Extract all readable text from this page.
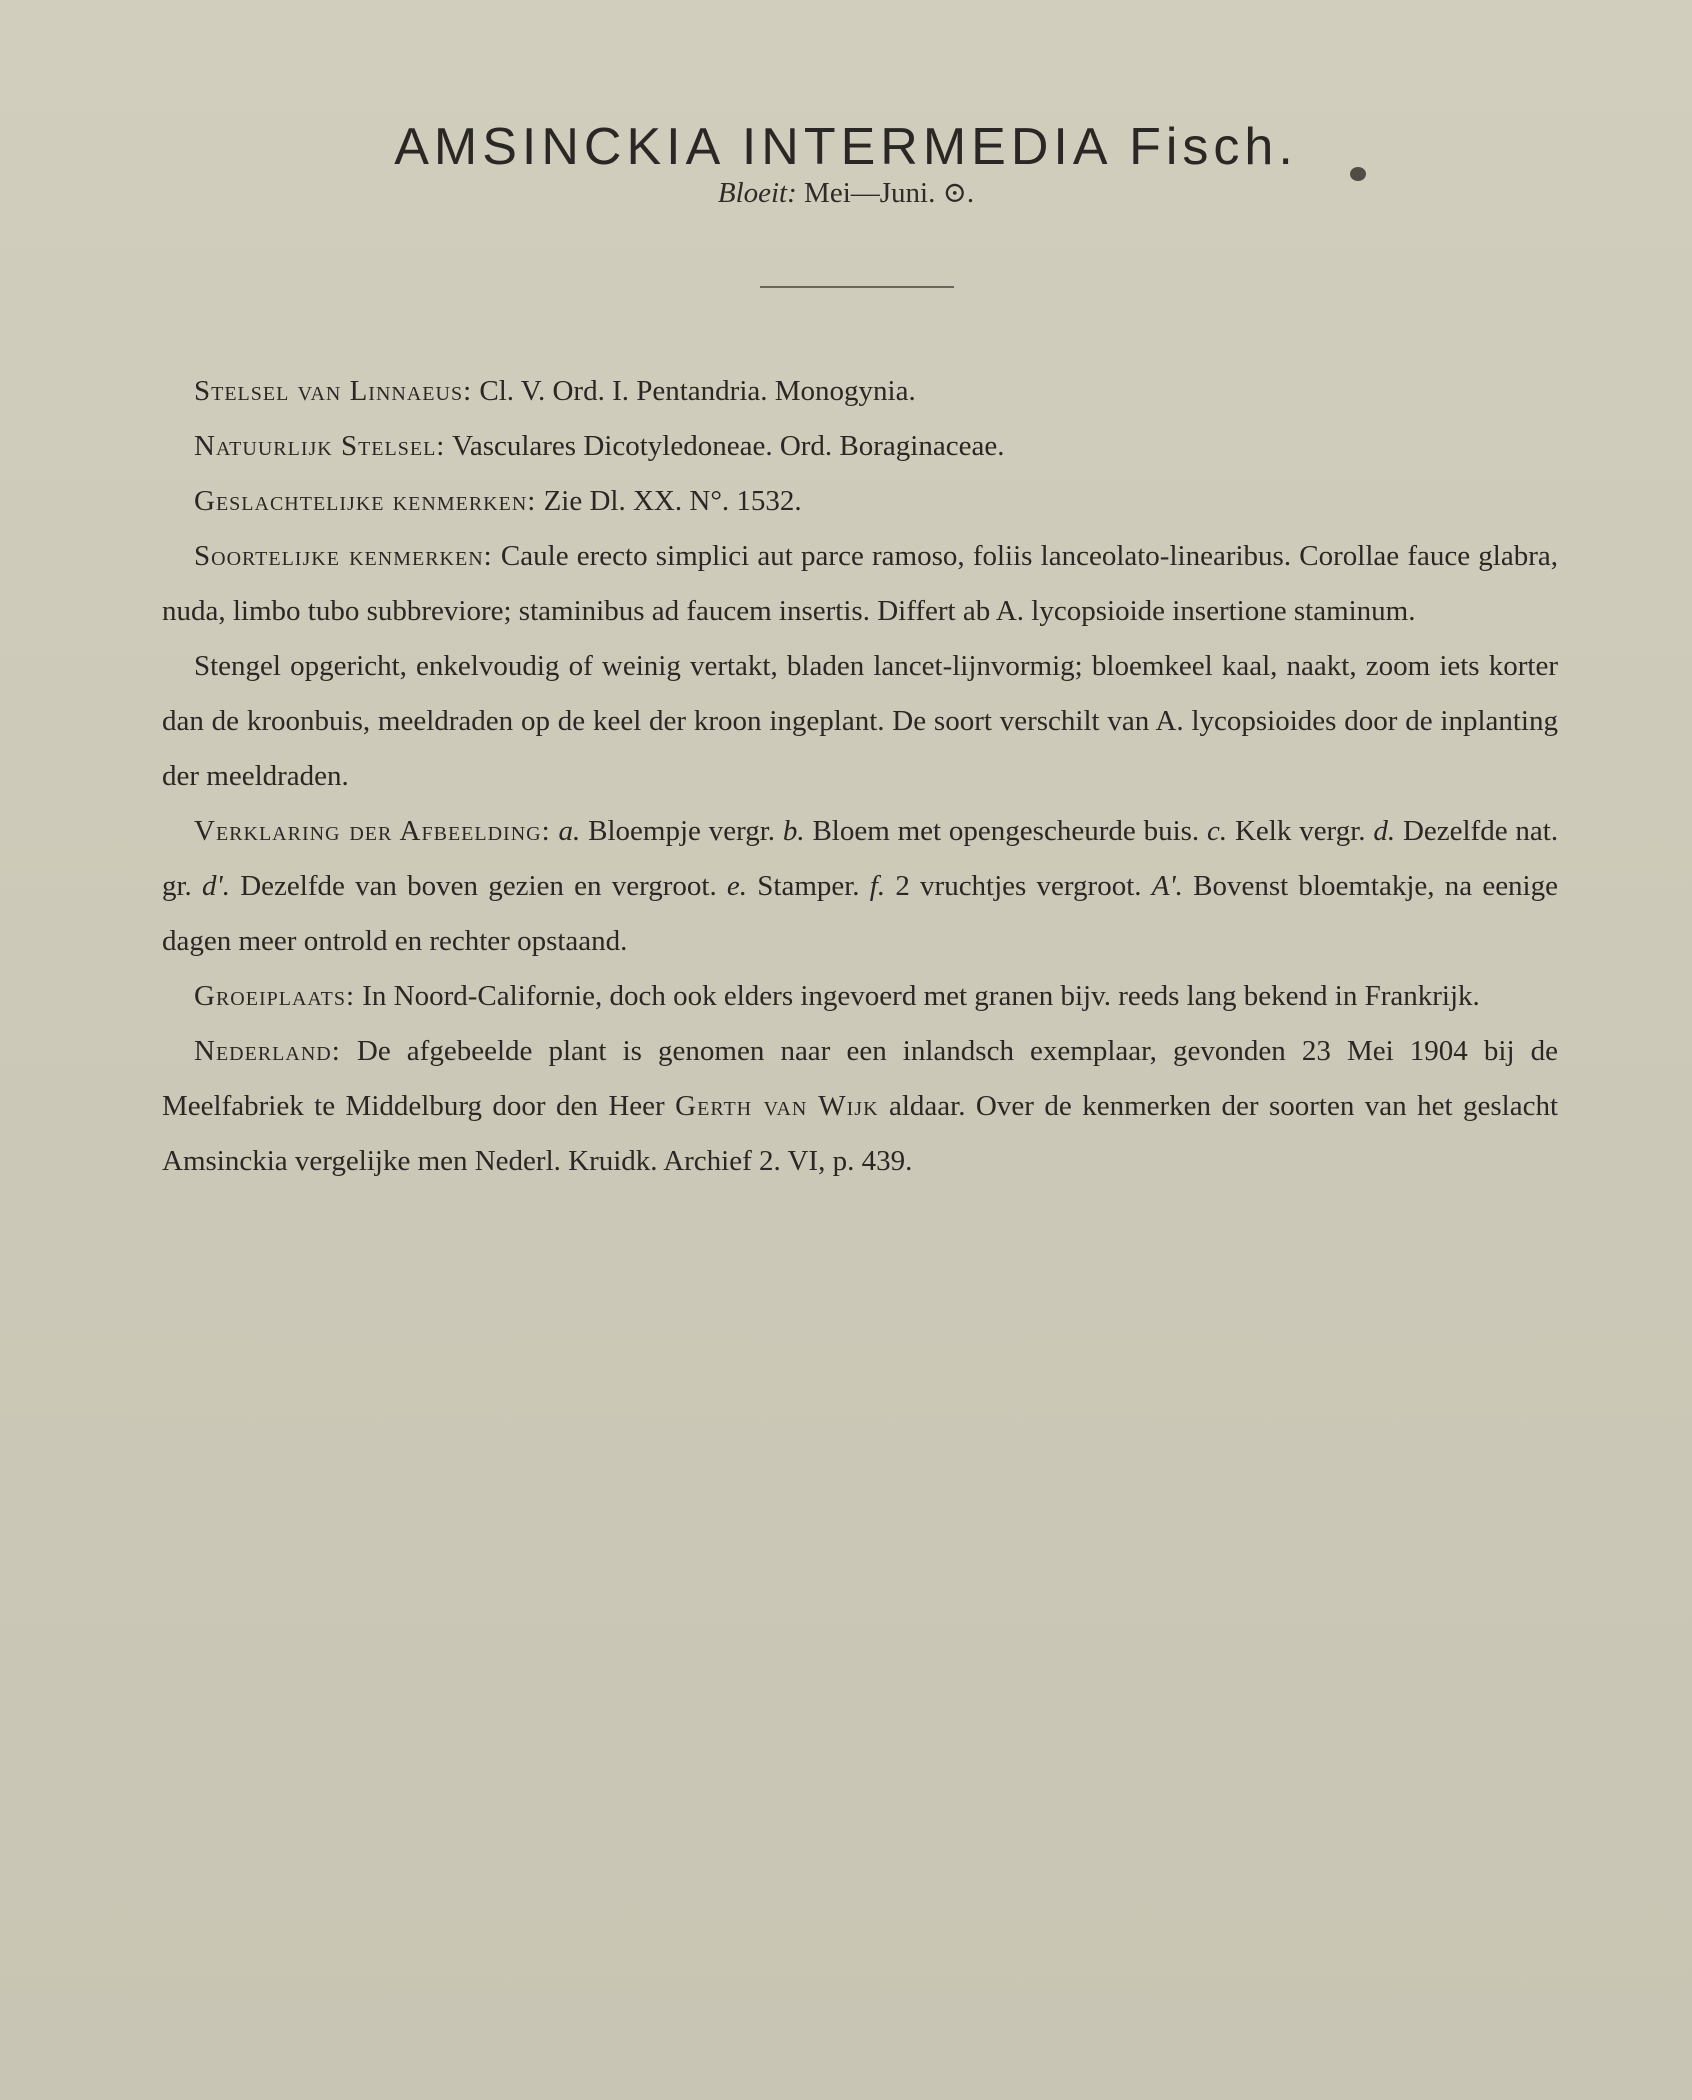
AMSINCKIA INTERMEDIA Fisch.
Bloeit: Mei—Juni. ⊙.

Stelsel van Linnaeus: Cl. V. Ord. I. Pentandria. Monogynia.

Natuurlijk Stelsel: Vasculares Dicotyledoneae. Ord. Boraginaceae.

Geslachtelijke kenmerken: Zie Dl. XX. N°. 1532.

Soortelijke kenmerken: Caule erecto simplici aut parce ramoso, foliis lanceolato-linearibus. Corollae fauce glabra, nuda, limbo tubo subbreviore; staminibus ad faucem insertis. Differt ab A. lycopsioide insertione staminum.

Stengel opgericht, enkelvoudig of weinig vertakt, bladen lancet-lijnvormig; bloemkeel kaal, naakt, zoom iets korter dan de kroonbuis, meeldraden op de keel der kroon ingeplant. De soort verschilt van A. lycopsioides door de inplanting der meeldraden.

Verklaring der Afbeelding: a. Bloempje vergr. b. Bloem met opengescheurde buis. c. Kelk vergr. d. Dezelfde nat. gr. d'. Dezelfde van boven gezien en vergroot. e. Stamper. f. 2 vruchtjes vergroot. A'. Bovenst bloemtakje, na eenige dagen meer ontrold en rechter opstaand.

Groeiplaats: In Noord-Californie, doch ook elders ingevoerd met granen bijv. reeds lang bekend in Frankrijk.

Nederland: De afgebeelde plant is genomen naar een inlandsch exemplaar, gevonden 23 Mei 1904 bij de Meelfabriek te Middelburg door den Heer Gerth van Wijk aldaar. Over de kenmerken der soorten van het geslacht Amsinckia vergelijke men Nederl. Kruidk. Archief 2. VI, p. 439.
